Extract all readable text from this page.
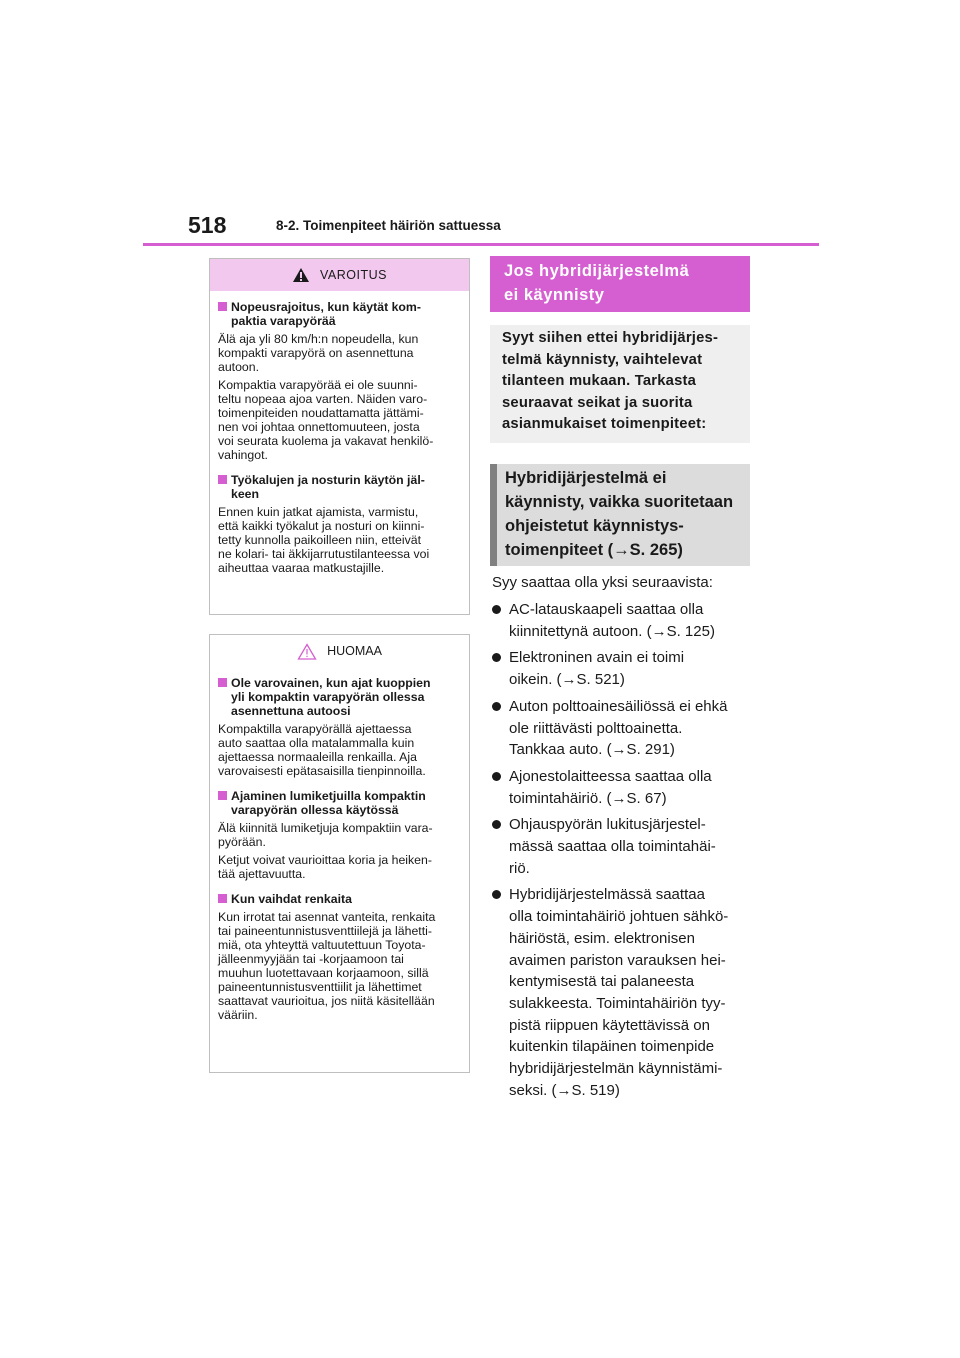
518	8-2. Toimenpiteet häiriön sattuessa
VAROITUS
Nopeusrajoitus, kun käytät kom-
paktia varapyörää
Älä aja yli 80 km/h:n nopeudella, kun
kompakti varapyörä on asennettuna
autoon.
Kompaktia varapyörää ei ole suunni-
teltu nopeaa ajoa varten. Näiden varo-
toimenpiteiden noudattamatta jättämi-
nen voi johtaa onnettomuuteen, josta
voi seurata kuolema ja vakavat henkilö-
vahingot.
Työkalujen ja nosturin käytön jäl-
keen
Ennen kuin jatkat ajamista, varmistu,
että kaikki työkalut ja nosturi on kiinni-
tetty kunnolla paikoilleen niin, etteivät
ne kolari- tai äkkijarrutustilanteessa voi
aiheuttaa vaaraa matkustajille.
HUOMAA
Ole varovainen, kun ajat kuoppien
yli kompaktin varapyörän ollessa
asennettuna autoosi
Kompaktilla varapyörällä ajettaessa
auto saattaa olla matalammalla kuin
ajettaessa normaaleilla renkailla. Aja
varovaisesti epätasaisilla tienpinnoilla.
Ajaminen lumiketjuilla kompaktin
varapyörän ollessa käytössä
Älä kiinnitä lumiketjuja kompaktiin vara-
pyörään.
Ketjut voivat vaurioittaa koria ja heiken-
tää ajettavuutta.
Kun vaihdat renkaita
Kun irrotat tai asennat vanteita, renkaita
tai paineentunnistusventtiilejä ja lähetti-
miä, ota yhteyttä valtuutettuun Toyota-
jälleenmyyjään tai -korjaamoon tai
muuhun luotettavaan korjaamoon, sillä
paineentunnistusventtiilit ja lähettimet
saattavat vaurioitua, jos niitä käsitellään
vääriin.
Jos hybridijärjestelmä
ei käynnisty
Syyt siihen ettei hybridijärjes-
telmä käynnisty, vaihtelevat
tilanteen mukaan. Tarkasta
seuraavat seikat ja suorita
asianmukaiset toimenpiteet:
Hybridijärjestelmä ei
käynnisty, vaikka suoritetaan
ohjeistetut käynnistys-
toimenpiteet (→S. 265)
Syy saattaa olla yksi seuraavista:
AC-latauskaapeli saattaa olla
kiinnitettynä autoon. (→S. 125)
Elektroninen avain ei toimi
oikein. (→S. 521)
Auton polttoainesäiliössä ei ehkä
ole riittävästi polttoainetta.
Tankkaa auto. (→S. 291)
Ajonestolaitteessa saattaa olla
toimintahäiriö. (→S. 67)
Ohjauspyörän lukitusjärjestel-
mässä saattaa olla toimintahäi-
riö.
Hybridijärjestelmässä saattaa
olla toimintahäiriö johtuen sähkö-
häiriöstä, esim. elektronisen
avaimen pariston varauksen hei-
kentymisestä tai palaneesta
sulakkeesta. Toimintahäiriön tyy-
pistä riippuen käytettävissä on
kuitenkin tilapäinen toimenpide
hybridijärjestelmän käynnistämi-
seksi. (→S. 519)
